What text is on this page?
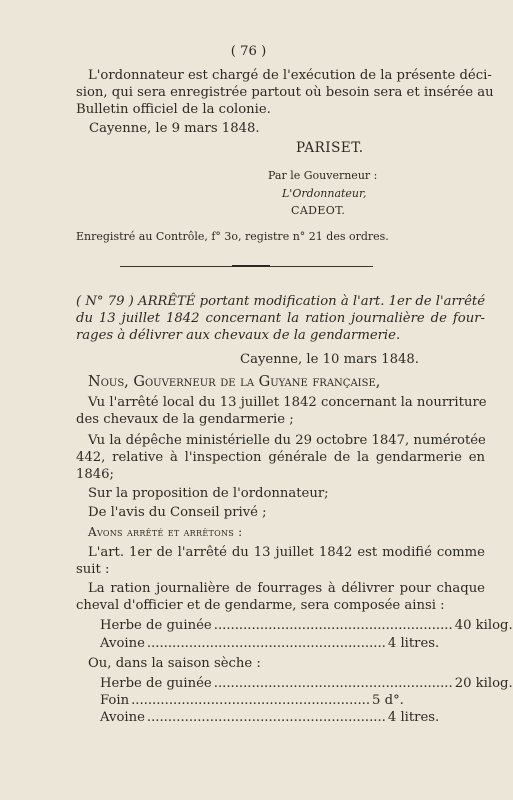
( 76 )
L'ordonnateur est chargé de l'exécution de la présente déci-
sion, qui sera enregistrée partout où besoin sera et insérée au
Bulletin officiel de la colonie.
Cayenne, le 9 mars 1848.
PARISET.
Par le Gouverneur :
L'Ordonnateur,
CADEOT.
Enregistré au Contrôle, f° 3o, registre n° 21 des ordres.
( N° 79 ) ARRÊTÉ portant modification à l'art. 1er de l'arrêté
du 13 juillet 1842 concernant la ration journalière de four-
rages à délivrer aux chevaux de la gendarmerie.
Cayenne, le 10 mars 1848.
Nous, Gouverneur de la Guyane française,
Vu l'arrêté local du 13 juillet 1842 concernant la nourriture
des chevaux de la gendarmerie ;
Vu la dépêche ministérielle du 29 octobre 1847, numérotée
442, relative à l'inspection générale de la gendarmerie en
1846;
Sur la proposition de l'ordonnateur;
De l'avis du Conseil privé ;
Avons arrêté et arrêtons :
L'art. 1er de l'arrêté du 13 juillet 1842 est modifié comme
suit :
La ration journalière de fourrages à délivrer pour chaque
cheval d'officier et de gendarme, sera composée ainsi :
Herbe de guinée ......................................................... 40 kilog.
Avoine ......................................................... 4 litres.
Ou, dans la saison sèche :
Herbe de guinée ......................................................... 20 kilog.
Foin ......................................................... 5 d°.
Avoine ......................................................... 4 litres.
